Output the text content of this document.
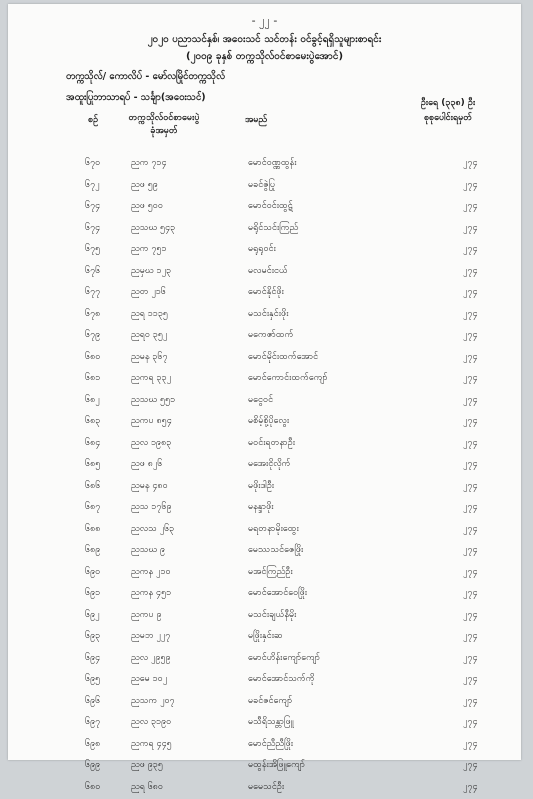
- ၂၂ -
၂၀၂၀ ပညာသင်နှစ်၊ အဝေးသင် သင်တန်း ဝင်ခွင့်ရရှိသူများစာရင်း
(၂၀၀၉ ခုနှစ် တက္ကသိုလ်ဝင်စာမေးပွဲအောင်)
တက္ကသိုလ်/ ကောလိပ် - မော်လမြိုင်တက္ကသိုလ်
အထူးပြုဘာသာရပ် - သင်္ချာ(အဝေးသင်)
စဉ်	တက္ကသိုလ်ဝင်စာမေးပွဲ
ခုံအမှတ်
အမည်
ဦးရေ (၃၃၈) ဦး
စုစုပေါင်းရမှတ်
၆၇၀	ညက ၇၁၄	မောင်ဝဏ္ဏထွန်း	၂၇၄
၆၇၂	ညဖ ၅၉	မခင်ဇွဲပြု	၂၇၄
၆၇၄	ညဖ ၅၀၀	မောင်ဝင်းထွဋ်	၂၇၄
၆၇၄	ညသဃ ၅၄၃	မရိုင်သင်းကြည်	၂၇၄
၆၇၅	ညက ၇၅၁	မရုရုဝင်း	၂၇၄
၆၇၆	ညမှဃ ၁၂၃	မလမင်းငယ်	၂၇၄
၆၇၇	ညတ ၂၁၆	မောင်နိုင်ဖိုး	၂၇၄
၆၇၈	ညရ ၁၁၃၅	မသင်းနှင်းဖိုး	၂၇၄
၆၇၉	ညရ၀ ၃၅၂	မကေဇာ်ထက်	၂၇၄
၆၈၀	ညမန ၃၆၇	မောင်မိုင်းထက်အောင်	၂၇၄
၆၈၁	ညကရ ၃၃၂	မောင်ကောင်းထက်ကျော်	၂၇၄
၆၈၂	ညသဃ ၅၅၁	မငွေဝင်	၂၇၄
၆၈၃	ညကပ ၈၅၄	မစိမ့်စို့ပိုလွေး	၂၇၄
၆၈၄	ညလ ၁၉၈၃	မဝင်းရတနာဦး	၂၇၄
၆၈၅	ညဖ ၈၂၆	မအေးငိုလိုက်	၂၇၄
၆၈၆	ညမန ၄၈၀	မဖိုးဒါဦး	၂၇၄
၆၈၇	ညသ ၁၇၆၉	မနန္ဒာဖိုး	၂၇၄
၆၈၈	ညလသ ၂၆၃	မရတနာမိုးထွေး	၂၇၄
၆၈၉	ညသဃ ၉	မေဿသင်ဇေဖြိုး	၂၇၄
၆၉၀	ညကန ၂၁၀	မအင်ကြည်ဦး	၂၇၄
၆၉၁	ညကန ၄၅၁	မောင်အောင်ဝေဖြိုး	၂၇၄
၆၉၂	ညကပ ၉	မသင်းချယ်နီမိုး	၂၇၄
၆၉၃	ညမဘ ၂၂၇	မဖြိုးနှင်းဆ	၂၇၄
၆၉၄	ညလ ၂၉၅၉	မောင်ဟိန်းကျော်ကျော်	၂၇၄
၆၉၅	ညမေ ၁၀၂	မောင်အောင်သက်ကို	၂၇၄
၆၉၆	ညသက ၂၀၇	မခင်ဇင်ကျော်	၂၇၄
၆၉၇	ညလ ၃၁၉၀	မသီရိသန္တာဖြူ	၂၇၄
၆၉၈	ညကရ ၄၄၅	မောင်ညီညီဖြိုး	၂၇၄
၆၉၉	ညဖ ၉၃၅	မထွန်းအိဖြူကျော်	၂၇၄
၆၈၀	ညရ ၆၈၀	မမေသင်ဦး	၂၇၄
